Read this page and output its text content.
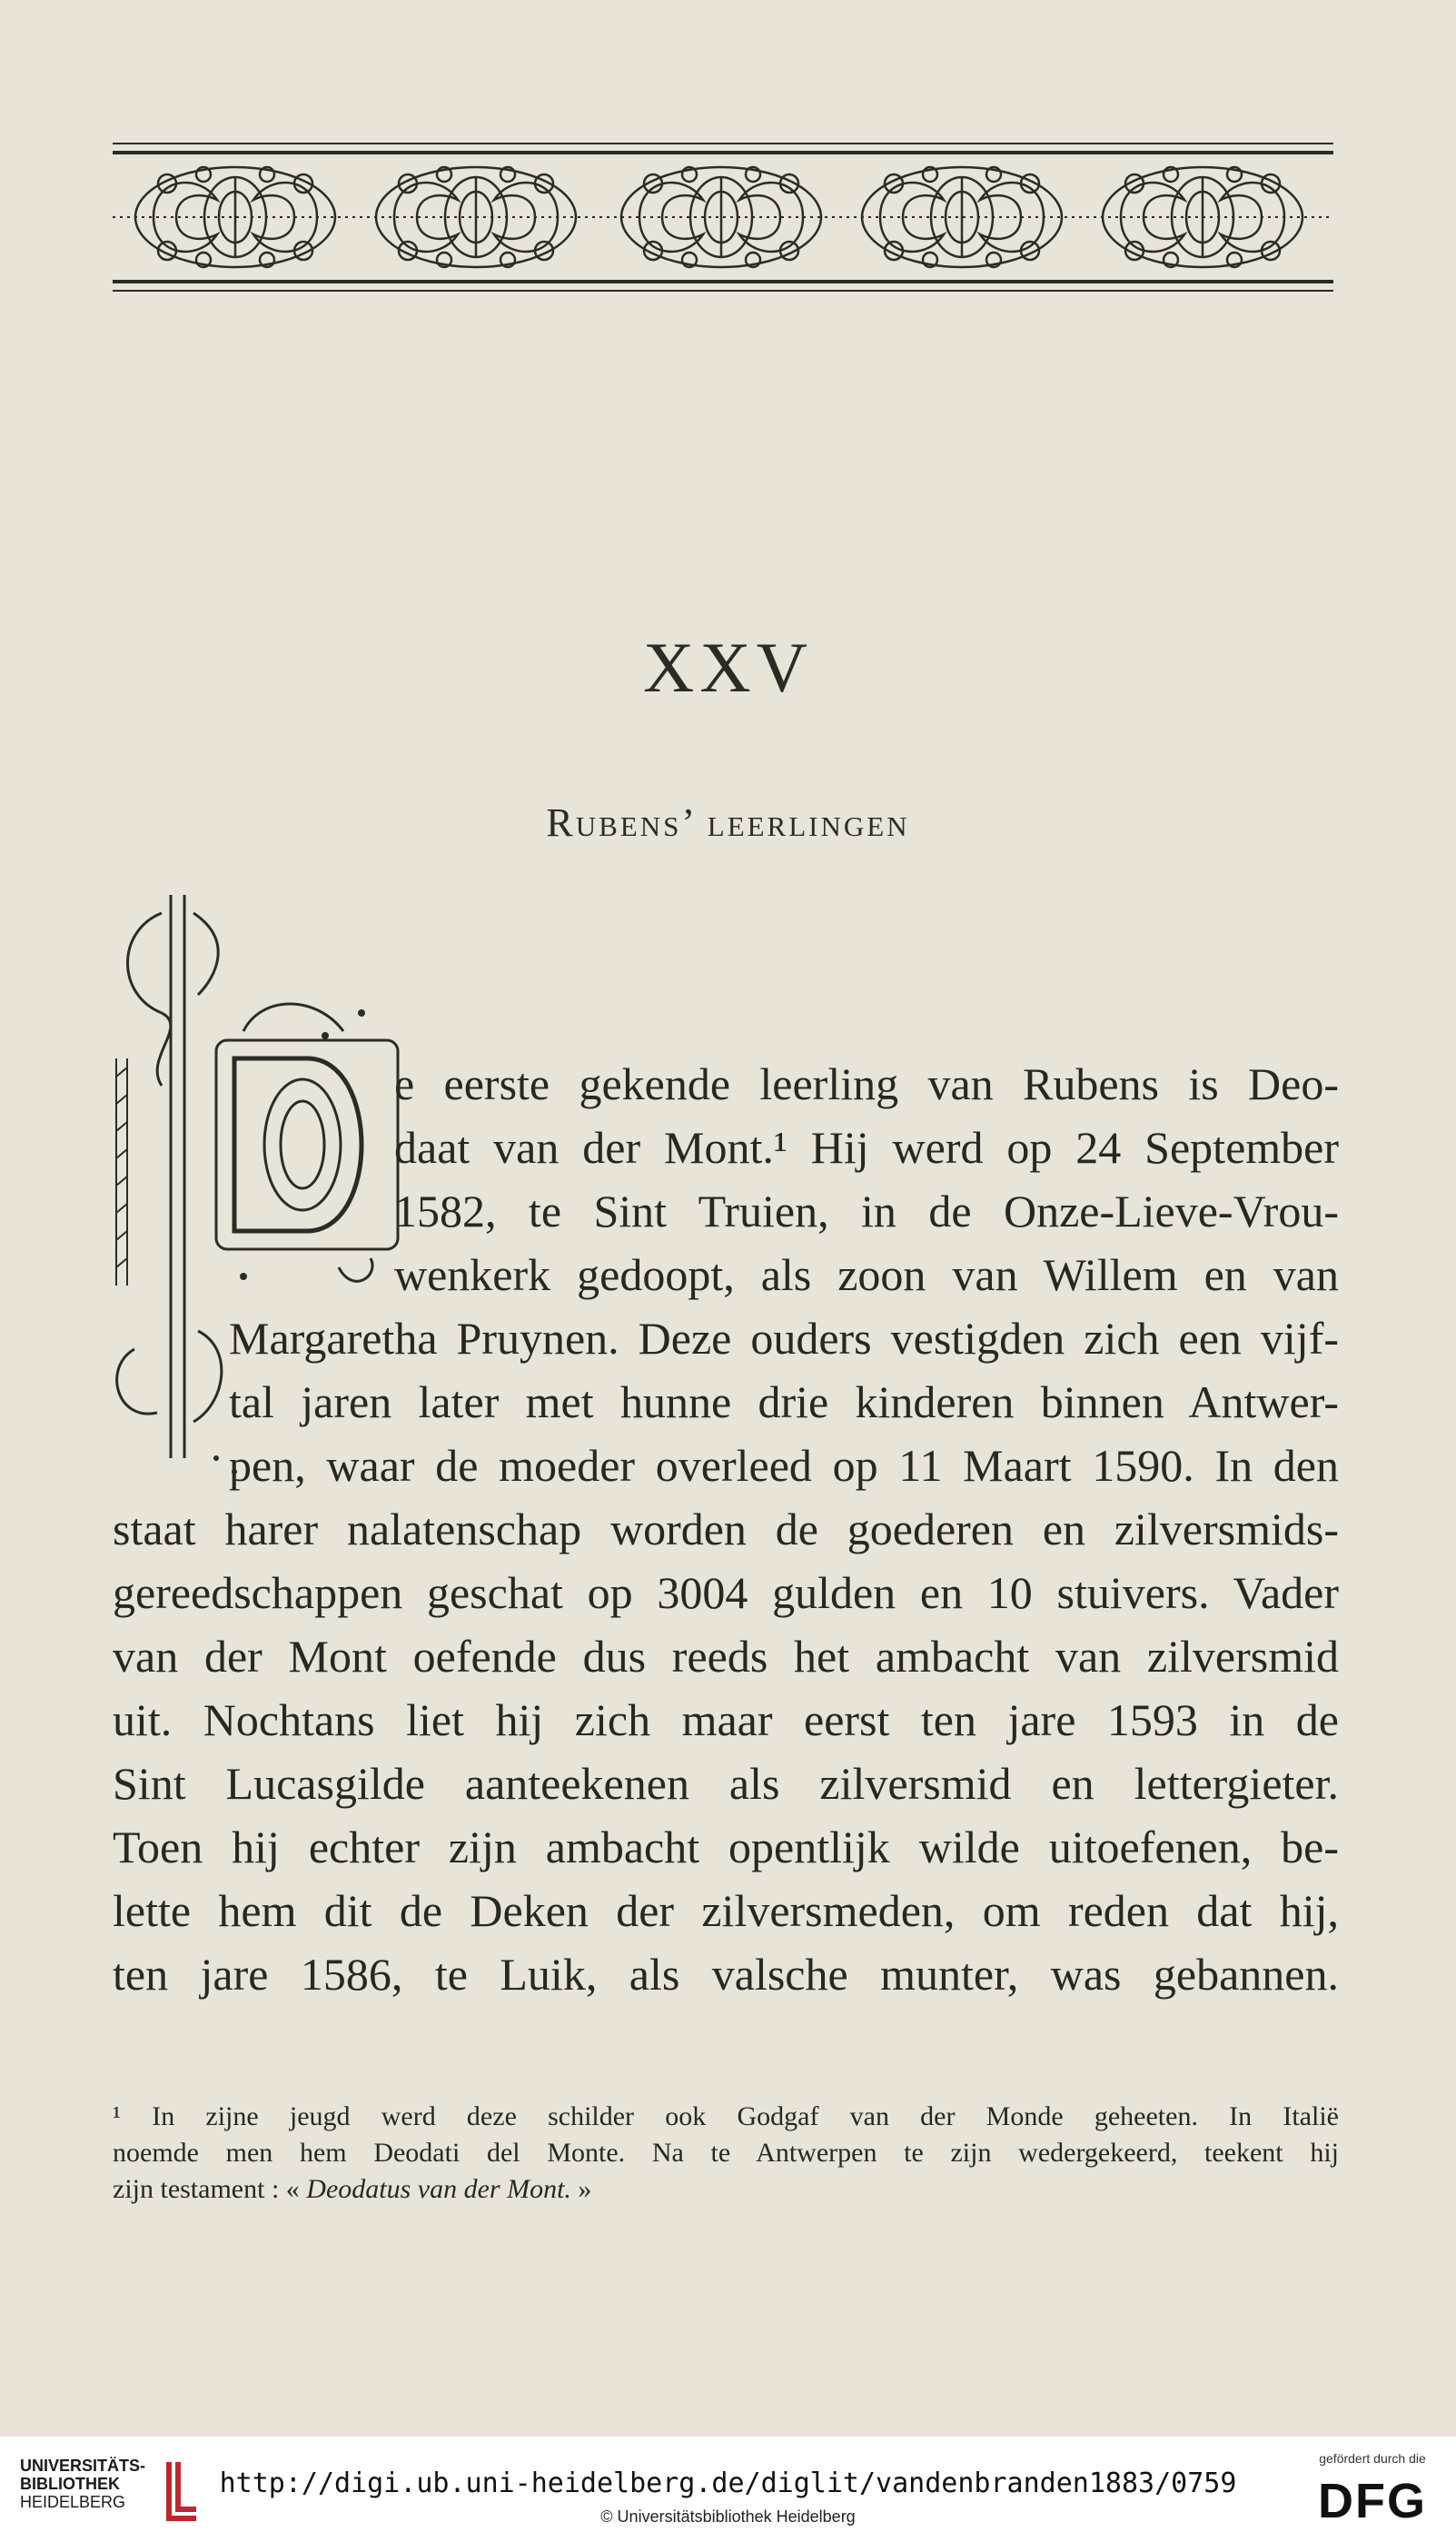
XXV
Rubens’ leerlingen
e eerste gekende leerling van Rubens is Deo-
daat van der Mont.¹ Hij werd op 24 September
1582, te Sint Truien, in de Onze-Lieve-Vrou-
wenkerk gedoopt, als zoon van Willem en van
Margaretha Pruynen. Deze ouders vestigden zich een vijf-
tal jaren later met hunne drie kinderen binnen Antwer-
pen, waar de moeder overleed op 11 Maart 1590. In den
staat harer nalatenschap worden de goederen en zilversmids-
gereedschappen geschat op 3004 gulden en 10 stuivers. Vader
van der Mont oefende dus reeds het ambacht van zilversmid
uit. Nochtans liet hij zich maar eerst ten jare 1593 in de
Sint Lucasgilde aanteekenen als zilversmid en lettergieter.
Toen hij echter zijn ambacht opentlijk wilde uitoefenen, be-
lette hem dit de Deken der zilversmeden, om reden dat hij,
ten jare 1586, te Luik, als valsche munter, was gebannen.
¹ In zijne jeugd werd deze schilder ook Godgaf van der Monde geheeten. In Italië
noemde men hem Deodati del Monte. Na te Antwerpen te zijn wedergekeerd, teekent hij
zijn testament : « Deodatus van der Mont. »
UNIVERSITÄTS-
BIBLIOTHEK
HEIDELBERG
http://digi.ub.uni-heidelberg.de/diglit/vandenbranden1883/0759
© Universitätsbibliothek Heidelberg
gefördert durch die
DFG
